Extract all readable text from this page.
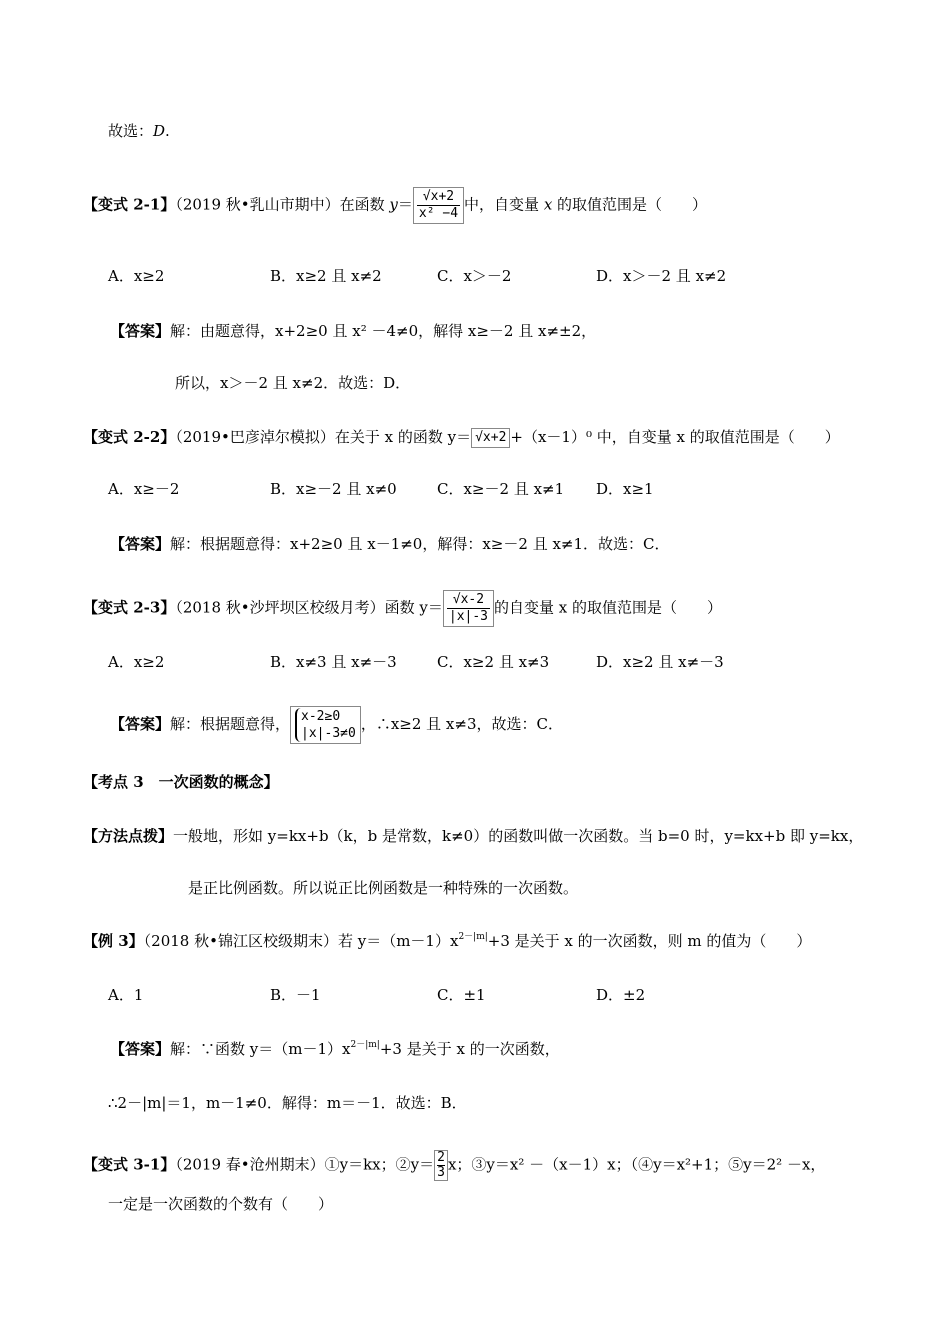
故选：D.
【变式 2-1】（2019 秋•乳山市期中）在函数 $y= \frac{√x+2}{\text{x² −4}}$ 中，自变量 x 的取值范围是（　　）
A．x≥2	B．x≥2 且 x≠2	C．x＞－2	D．x＞－2 且 x≠2
【答案】解：由题意得，x+2≥0 且 x² －4≠0，解得 x≥－2 且 x≠±2，
所以，x＞－2 且 x≠2．故选：D．
【变式 2-2】（2019•巴彦淖尔模拟）在关于 x 的函数 y＝ √x+2 +（x－1）⁰ 中，自变量 x 的取值范围是（　　）
A．x≥－2	B．x≥－2 且 x≠0	C．x≥－2 且 x≠1 D．x≥1
【答案】解：根据题意得：x+2≥0 且 x－1≠0，解得：x≥－2 且 x≠1．故选：C．
【变式 2-3】（2018 秋•沙坪坝区校级月考）函数 $y= \frac{√x-2}{|x|-3}$ 的自变量 x 的取值范围是（　　）
A．x≥2	B．x≠3 且 x≠－3	C．x≥2 且 x≠3	D．x≥2 且 x≠－3
【答案】解：根据题意得， x-2≥0
|x|-3≠0
，∴x≥2 且 x≠3，故选：C．
【考点 3　一次函数的概念】
【方法点拨】一般地，形如 y=kx+b（k，b 是常数，k≠0）的函数叫做一次函数。当 b=0 时，y=kx+b 即 y=kx，
是正比例函数。所以说正比例函数是一种特殊的一次函数。
【例 3】（2018 秋•锦江区校级期末）若 $y=(m-1)x^{2-|m|}+3$ 是关于 x 的一次函数，则 m 的值为（　　）
A．1	B．－1	C．±1	D．±2
【答案】解：∵函数 $y=(m-1)x^{2-|m|}+3$ 是关于 x 的一次函数，
∴2－|m|＝1，m－1≠0．解得：m＝－1．故选：B．
【变式 3-1】（2019 春•沧州期末）①y＝kx；②y＝ $\frac{2}{3}$ x；③y＝x² －（x－1）x；（④y＝x²+1；⑤y＝2² －x，
一定是一次函数的个数有（　　）
